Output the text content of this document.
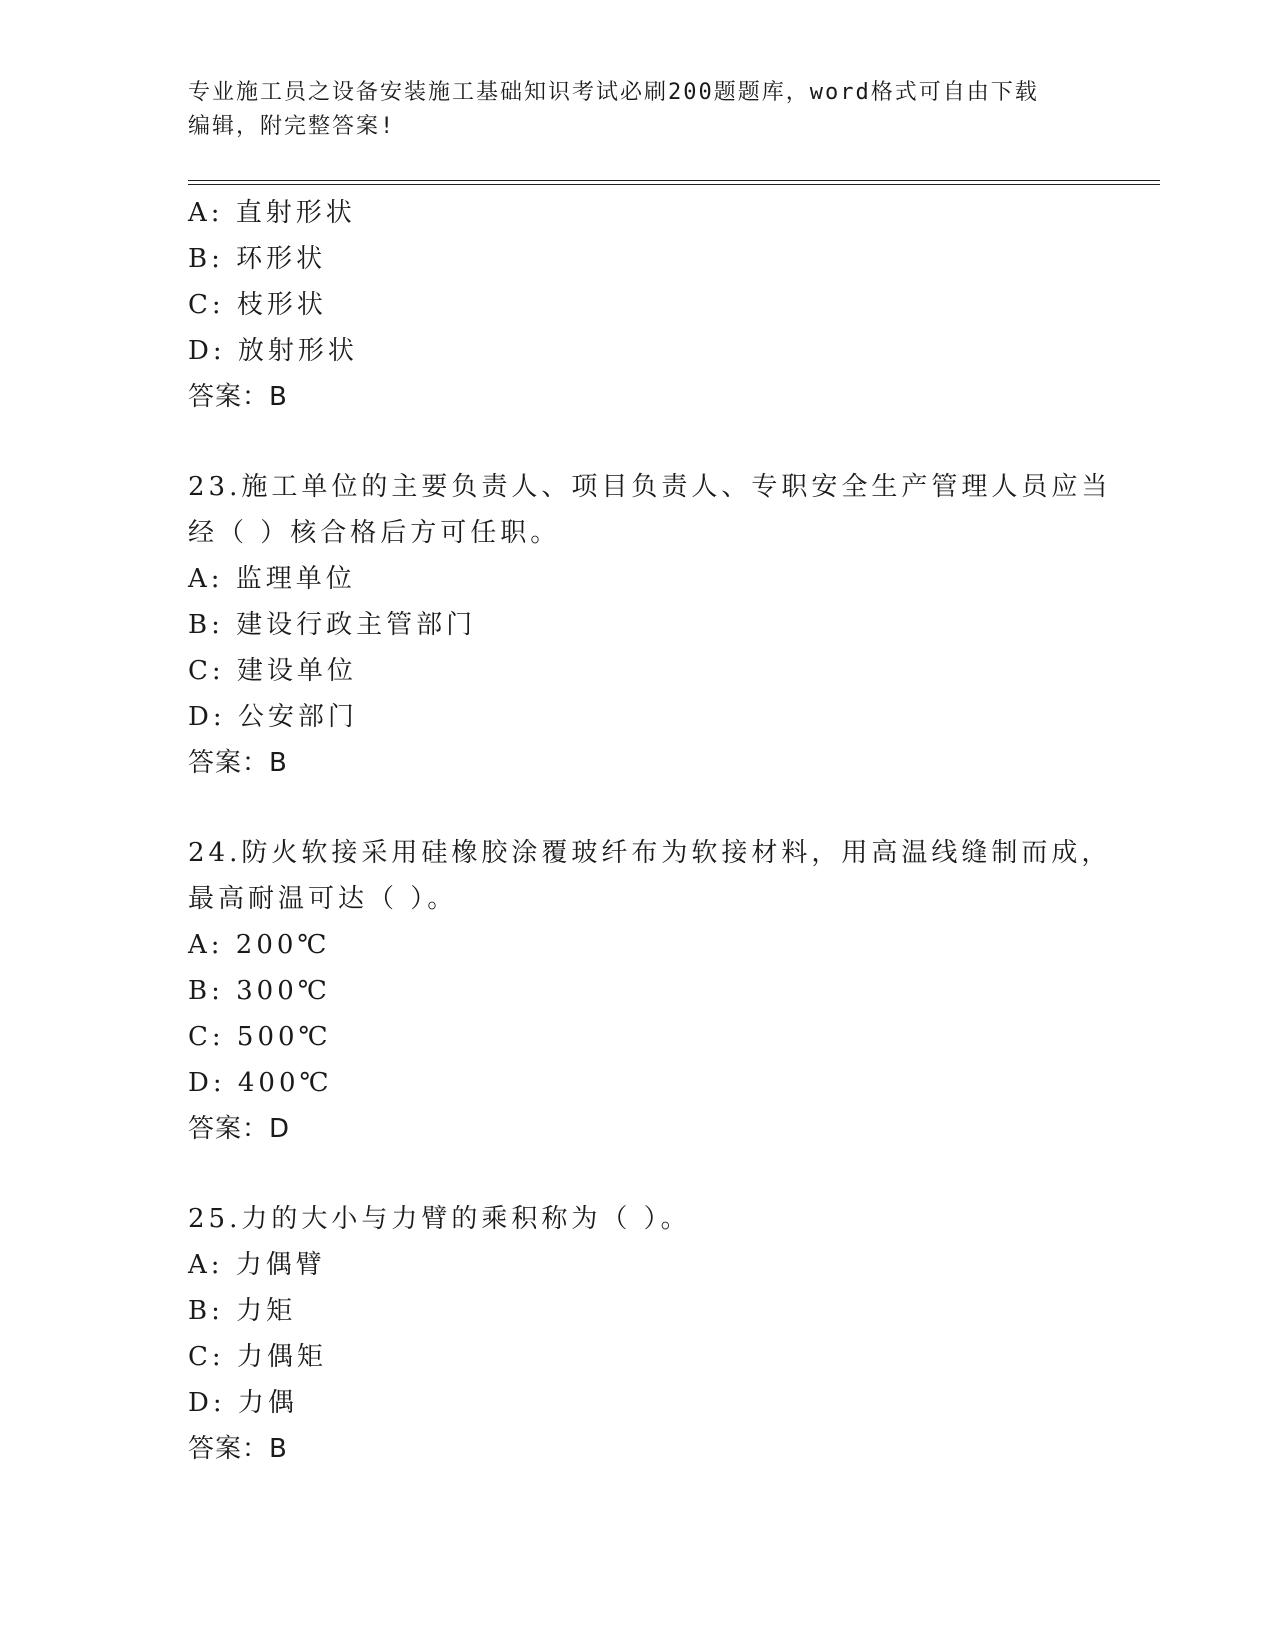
专业施工员之设备安装施工基础知识考试必刷200题题库，word格式可自由下载
编辑，附完整答案!
A: 直射形状
B: 环形状
C: 枝形状
D: 放射形状
答案：B
23.施工单位的主要负责人、项目负责人、专职安全生产管理人员应当
经（ ）核合格后方可任职。
A: 监理单位
B: 建设行政主管部门
C: 建设单位
D: 公安部门
答案：B
24.防火软接采用硅橡胶涂覆玻纤布为软接材料，用高温线缝制而成，
最高耐温可达（ ）。
A: 200℃
B: 300℃
C: 500℃
D: 400℃
答案：D
25.力的大小与力臂的乘积称为（ ）。
A: 力偶臂
B: 力矩
C: 力偶矩
D: 力偶
答案：B
